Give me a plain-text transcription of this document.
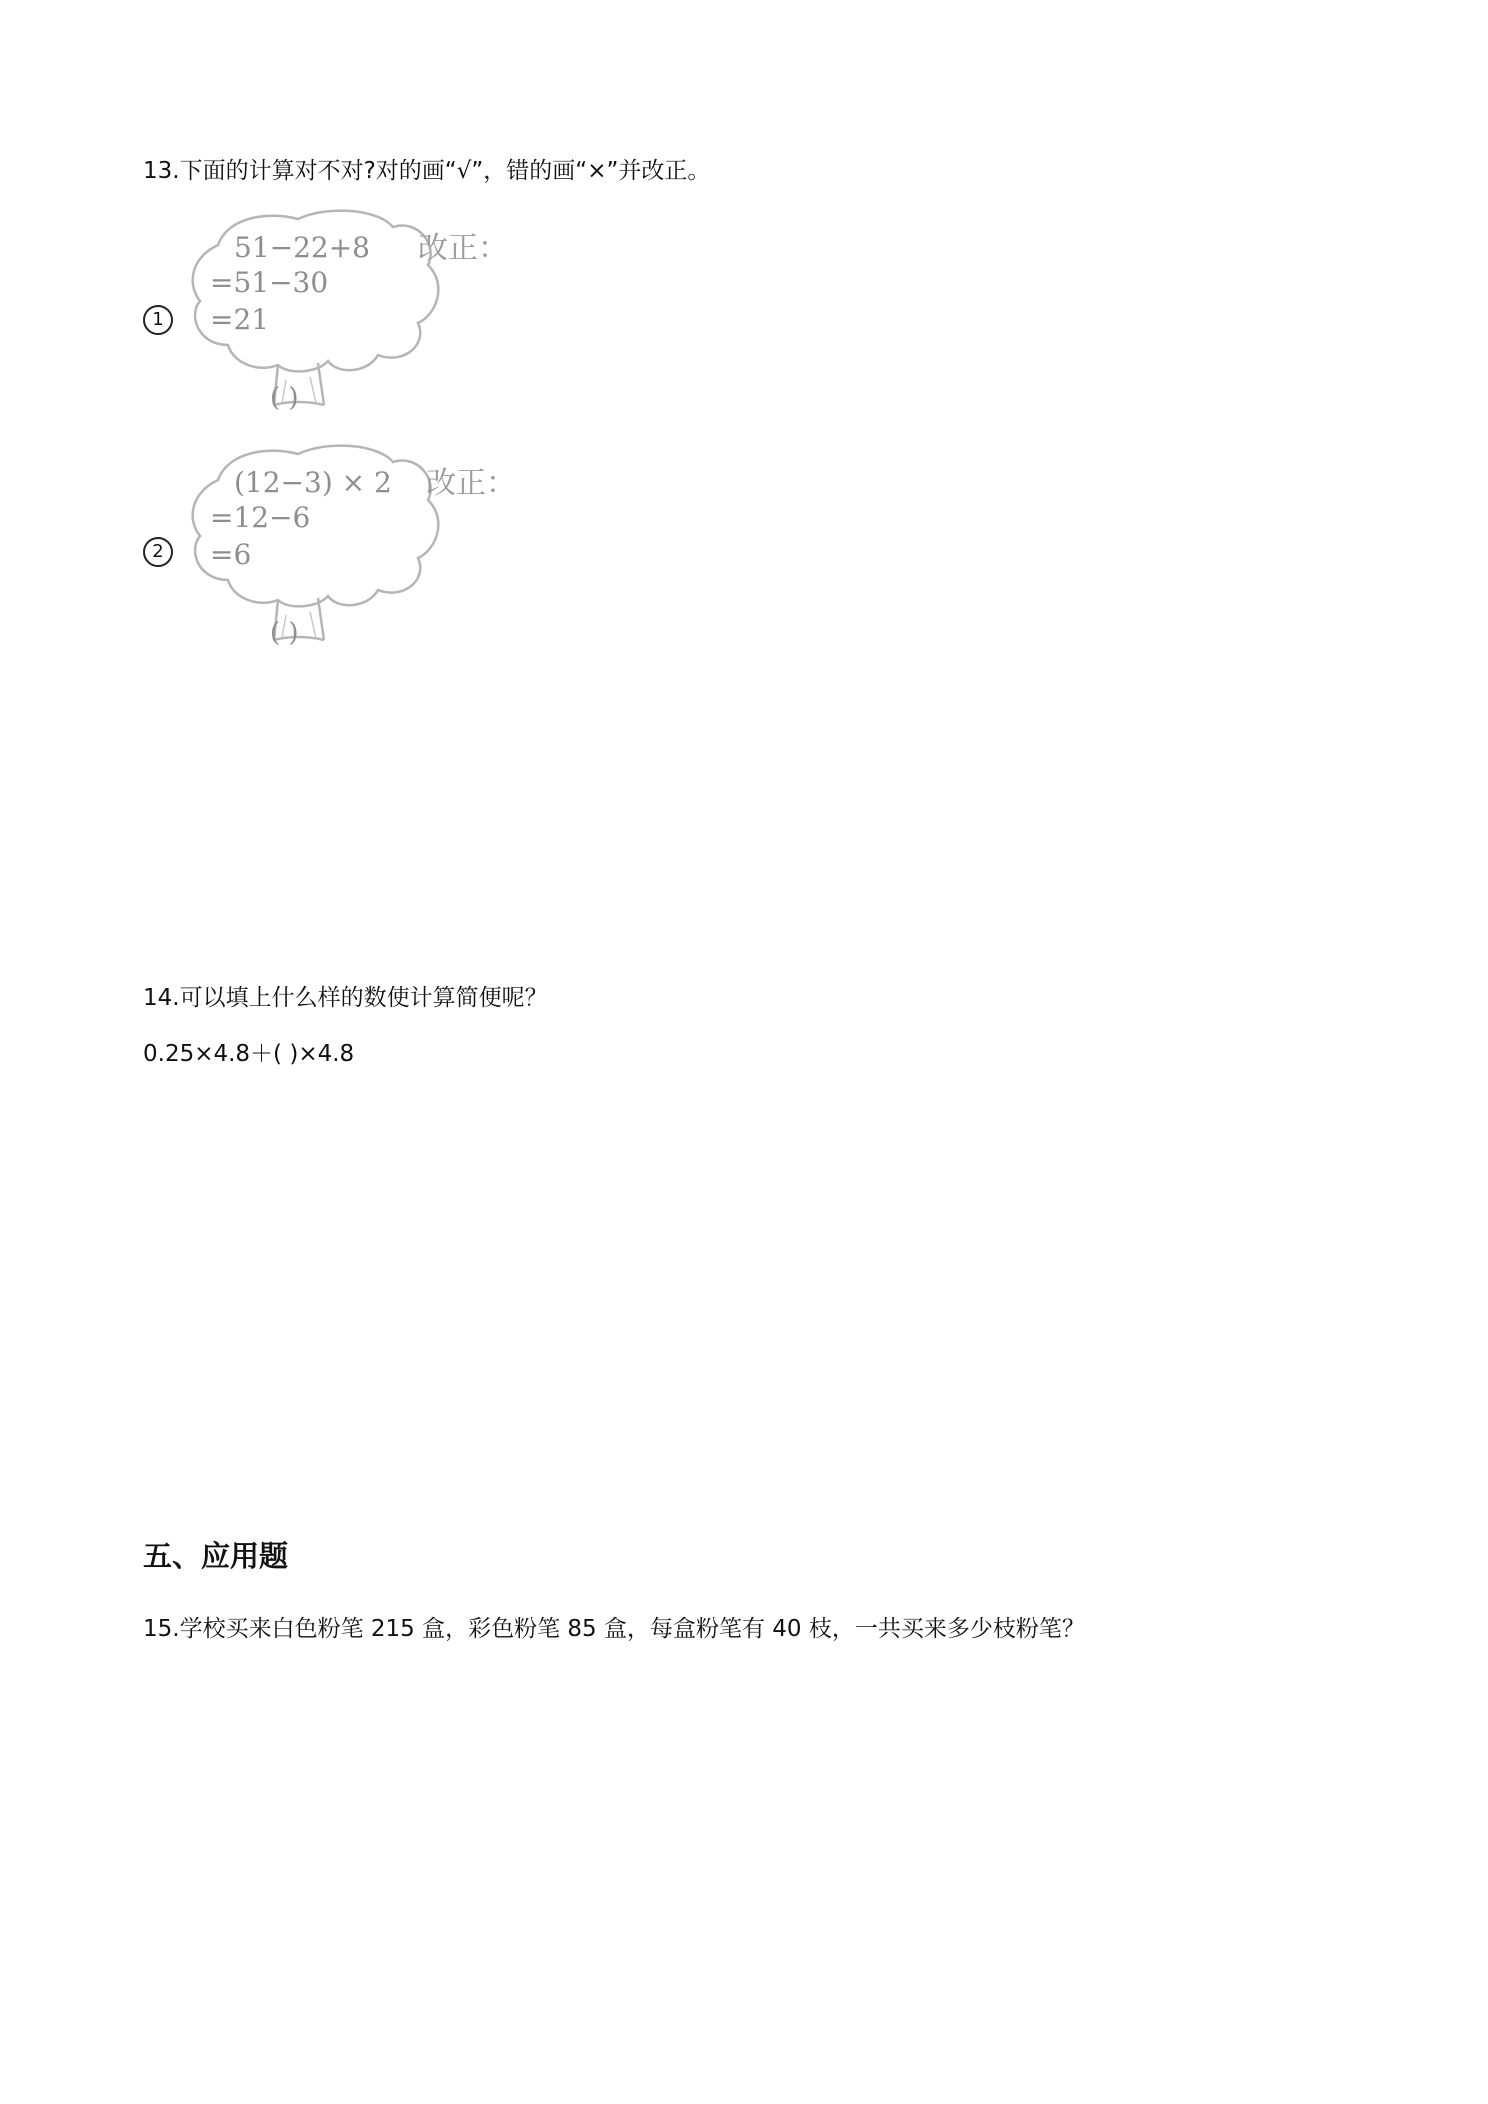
13.下面的计算对不对?对的画“√”，错的画“×”并改正。
1
51−22+8
=51−30
=21
改正：
( )
2
(12−3) × 2
=12−6
=6
改正：
( )
14.可以填上什么样的数使计算简便呢？
0.25×4.8＋( )×4.8
五、应用题
15.学校买来白色粉笔 215 盒，彩色粉笔 85 盒，每盒粉笔有 40 枝，一共买来多少枝粉笔？
